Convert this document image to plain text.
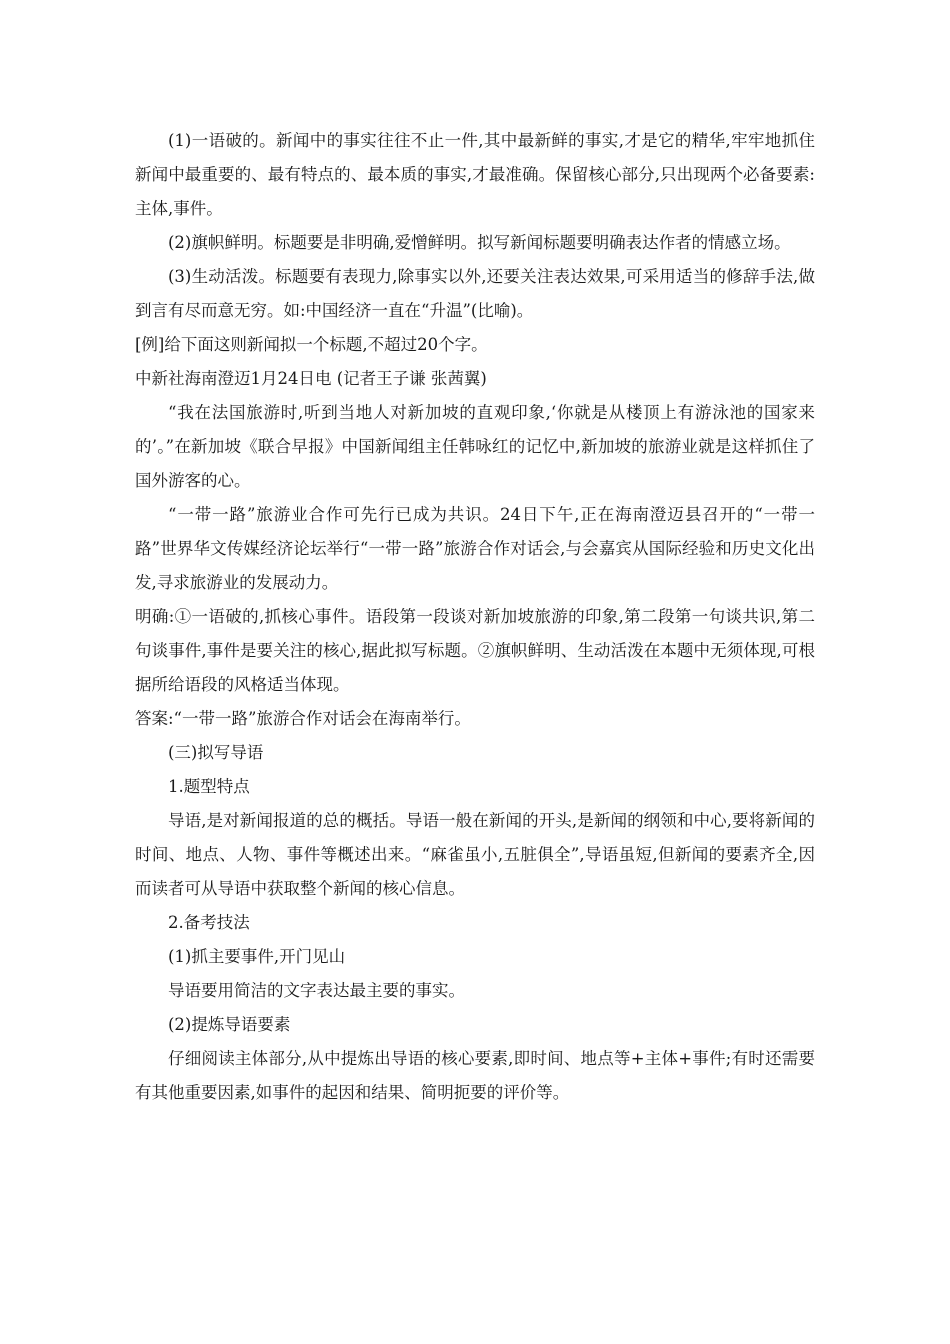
(1)一语破的。新闻中的事实往往不止一件,其中最新鲜的事实,才是它的精华,牢牢地抓住新闻中最重要的、最有特点的、最本质的事实,才最准确。保留核心部分,只出现两个必备要素:主体,事件。

(2)旗帜鲜明。标题要是非明确,爱憎鲜明。拟写新闻标题要明确表达作者的情感立场。

(3)生动活泼。标题要有表现力,除事实以外,还要关注表达效果,可采用适当的修辞手法,做到言有尽而意无穷。如:中国经济一直在“升温”(比喻)。

[例]给下面这则新闻拟一个标题,不超过20个字。

中新社海南澄迈1月24日电 (记者王子谦 张茜翼)

“我在法国旅游时,听到当地人对新加坡的直观印象,‘你就是从楼顶上有游泳池的国家来的’。”在新加坡《联合早报》中国新闻组主任韩咏红的记忆中,新加坡的旅游业就是这样抓住了国外游客的心。

“一带一路”旅游业合作可先行已成为共识。24日下午,正在海南澄迈县召开的“一带一路”世界华文传媒经济论坛举行“一带一路”旅游合作对话会,与会嘉宾从国际经验和历史文化出发,寻求旅游业的发展动力。

明确:①一语破的,抓核心事件。语段第一段谈对新加坡旅游的印象,第二段第一句谈共识,第二句谈事件,事件是要关注的核心,据此拟写标题。②旗帜鲜明、生动活泼在本题中无须体现,可根据所给语段的风格适当体现。

答案:“一带一路”旅游合作对话会在海南举行。

(三)拟写导语

1.题型特点

导语,是对新闻报道的总的概括。导语一般在新闻的开头,是新闻的纲领和中心,要将新闻的时间、地点、人物、事件等概述出来。“麻雀虽小,五脏俱全”,导语虽短,但新闻的要素齐全,因而读者可从导语中获取整个新闻的核心信息。

2.备考技法

(1)抓主要事件,开门见山

导语要用简洁的文字表达最主要的事实。

(2)提炼导语要素

仔细阅读主体部分,从中提炼出导语的核心要素,即时间、地点等+主体+事件;有时还需要有其他重要因素,如事件的起因和结果、简明扼要的评价等。
